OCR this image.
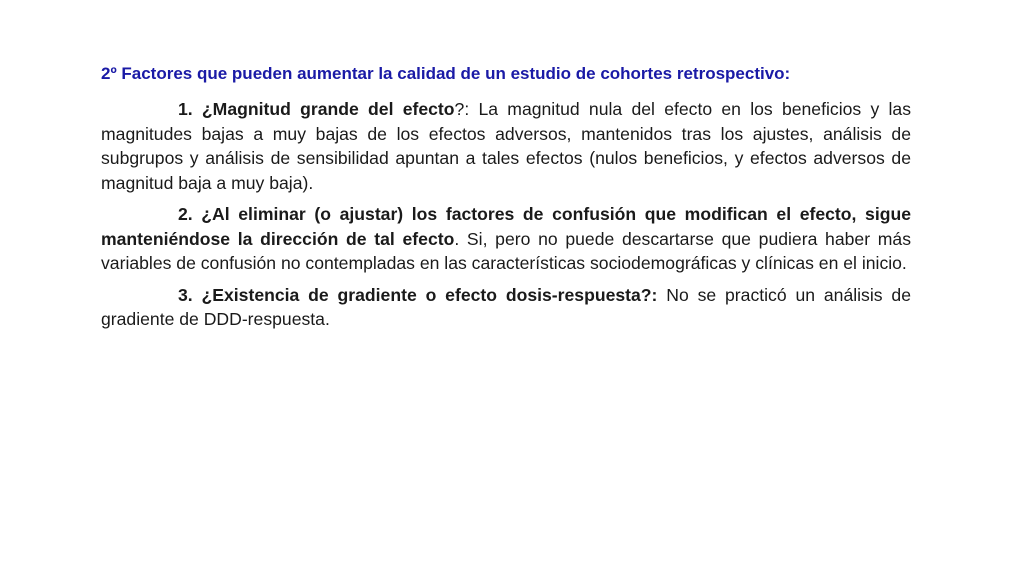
2º Factores que pueden aumentar la calidad de un estudio de cohortes retrospectivo:

1. ¿Magnitud grande del efecto?: La magnitud nula del efecto en los beneficios y las magnitudes bajas a muy bajas de los efectos adversos, mantenidos tras los ajustes, análisis de subgrupos y análisis de sensibilidad apuntan a tales efectos (nulos beneficios, y efectos adversos de magnitud baja a muy baja).

2. ¿Al eliminar (o ajustar) los factores de confusión que modifican el efecto, sigue manteniéndose la dirección de tal efecto. Si, pero no puede descartarse que pudiera haber más variables de confusión no contempladas en las características sociodemográficas y clínicas en el inicio.

3. ¿Existencia de gradiente o efecto dosis-respuesta?: No se practicó un análisis de gradiente de DDD-respuesta.
